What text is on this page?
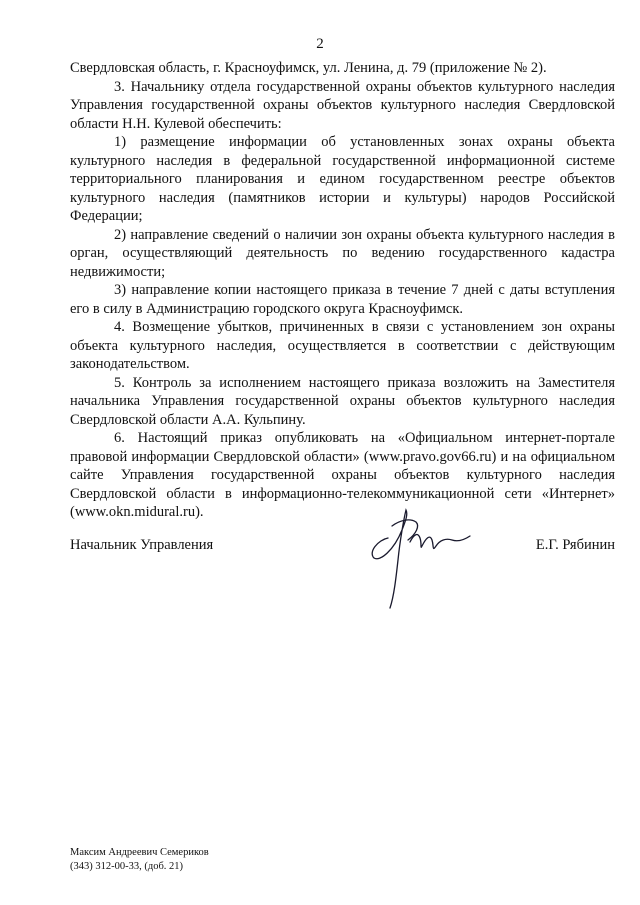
2

Свердловская область, г. Красноуфимск, ул. Ленина, д. 79 (приложение № 2).

3. Начальнику отдела государственной охраны объектов культурного наследия Управления государственной охраны объектов культурного наследия Свердловской области Н.Н. Кулевой обеспечить:

1) размещение информации об установленных зонах охраны объекта культурного наследия в федеральной государственной информационной системе территориального планирования и едином государственном реестре объектов культурного наследия (памятников истории и культуры) народов Российской Федерации;

2) направление сведений о наличии зон охраны объекта культурного наследия в орган, осуществляющий деятельность по ведению государственного кадастра недвижимости;

3) направление копии настоящего приказа в течение 7 дней с даты вступления его в силу в Администрацию городского округа Красноуфимск.

4. Возмещение убытков, причиненных в связи с установлением зон охраны объекта культурного наследия, осуществляется в соответствии с действующим законодательством.

5. Контроль за исполнением настоящего приказа возложить на Заместителя начальника Управления государственной охраны объектов культурного наследия Свердловской области А.А. Кульпину.

6. Настоящий приказ опубликовать на «Официальном интернет-портале правовой информации Свердловской области» (www.pravo.gov66.ru) и на официальном сайте Управления государственной охраны объектов культурного наследия Свердловской области в информационно-телекоммуникационной сети «Интернет» (www.okn.midural.ru).

Начальник Управления	Е.Г. Рябинин
Максим Андреевич Семериков
(343) 312-00-33, (доб. 21)
